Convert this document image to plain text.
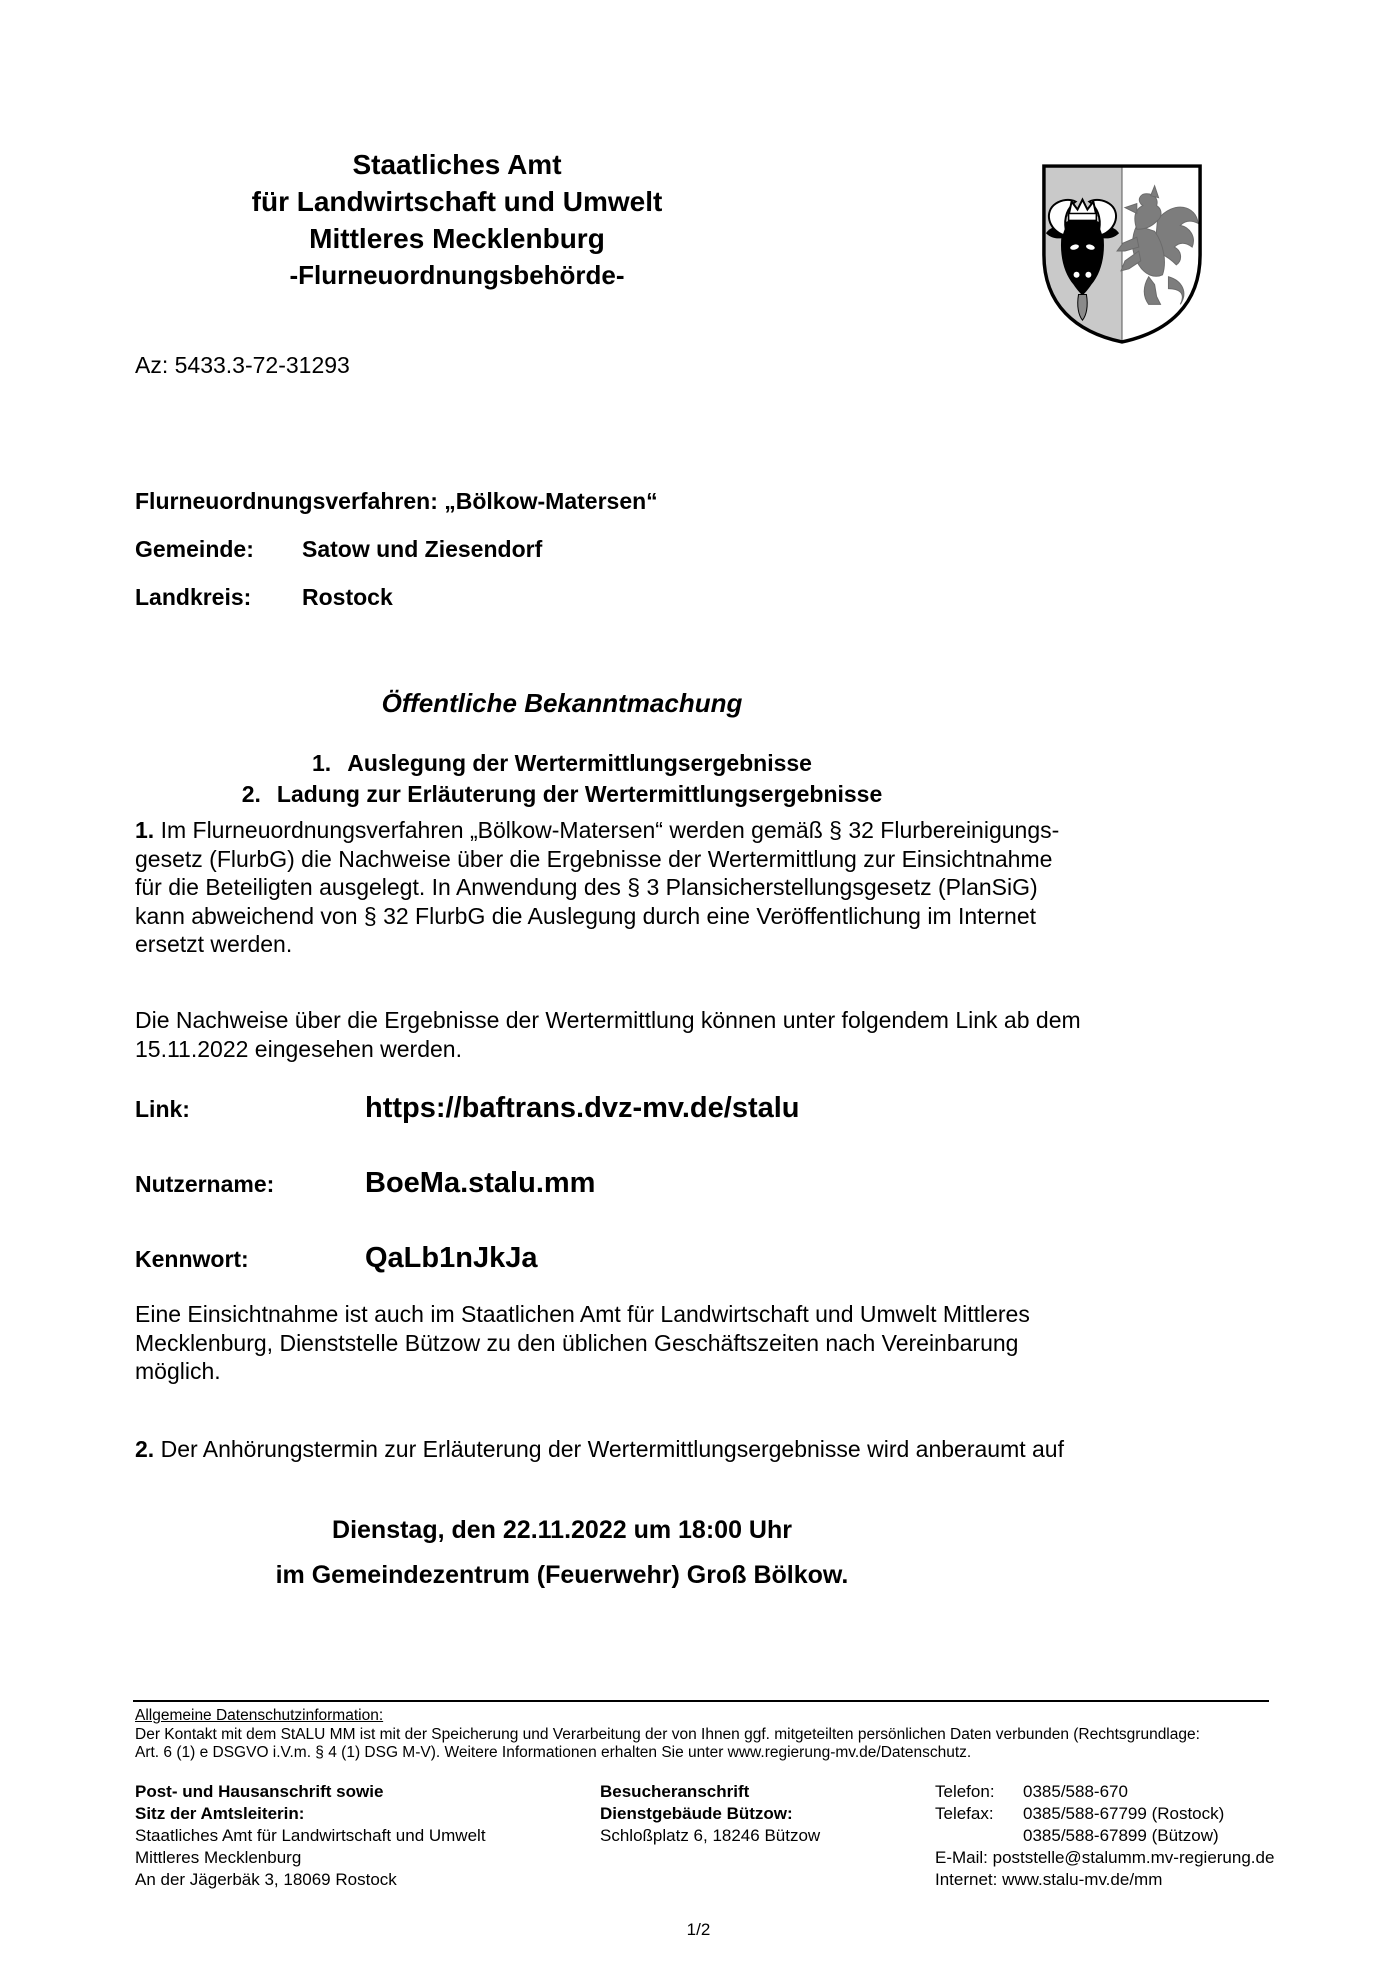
Staatliches Amt
für Landwirtschaft und Umwelt
Mittleres Mecklenburg
-Flurneuordnungsbehörde-
Az: 5433.3-72-31293
Flurneuordnungsverfahren: „Bölkow-Matersen“
Gemeinde: Satow und Ziesendorf
Landkreis: Rostock
Öffentliche Bekanntmachung
1. Auslegung der Wertermittlungsergebnisse
2. Ladung zur Erläuterung der Wertermittlungsergebnisse
1. Im Flurneuordnungsverfahren „Bölkow-Matersen“ werden gemäß § 32 Flurbereinigungs-
gesetz (FlurbG) die Nachweise über die Ergebnisse der Wertermittlung zur Einsichtnahme
für die Beteiligten ausgelegt. In Anwendung des § 3 Plansicherstellungsgesetz (PlanSiG)
kann abweichend von § 32 FlurbG die Auslegung durch eine Veröffentlichung im Internet
ersetzt werden.
Die Nachweise über die Ergebnisse der Wertermittlung können unter folgendem Link ab dem
15.11.2022 eingesehen werden.
Link:	https://baftrans.dvz-mv.de/stalu
Nutzername:	BoeMa.stalu.mm
Kennwort:	QaLb1nJkJa
Eine Einsichtnahme ist auch im Staatlichen Amt für Landwirtschaft und Umwelt Mittleres
Mecklenburg, Dienststelle Bützow zu den üblichen Geschäftszeiten nach Vereinbarung
möglich.
2. Der Anhörungstermin zur Erläuterung der Wertermittlungsergebnisse wird anberaumt auf
Dienstag, den 22.11.2022 um 18:00 Uhr
im Gemeindezentrum (Feuerwehr) Groß Bölkow.
Allgemeine Datenschutzinformation:
Der Kontakt mit dem StALU MM ist mit der Speicherung und Verarbeitung der von Ihnen ggf. mitgeteilten persönlichen Daten verbunden (Rechtsgrundlage:
Art. 6 (1) e DSGVO i.V.m. § 4 (1) DSG M-V). Weitere Informationen erhalten Sie unter www.regierung-mv.de/Datenschutz.
Post- und Hausanschrift sowie
Sitz der Amtsleiterin:
Staatliches Amt für Landwirtschaft und Umwelt
Mittleres Mecklenburg
An der Jägerbäk 3, 18069 Rostock
Besucheranschrift
Dienstgebäude Bützow:
Schloßplatz 6, 18246 Bützow
Telefon:	0385/588-670
Telefax:	0385/588-67799 (Rostock)
0385/588-67899 (Bützow)
E-Mail: poststelle@stalumm.mv-regierung.de
Internet: www.stalu-mv.de/mm
1/2
